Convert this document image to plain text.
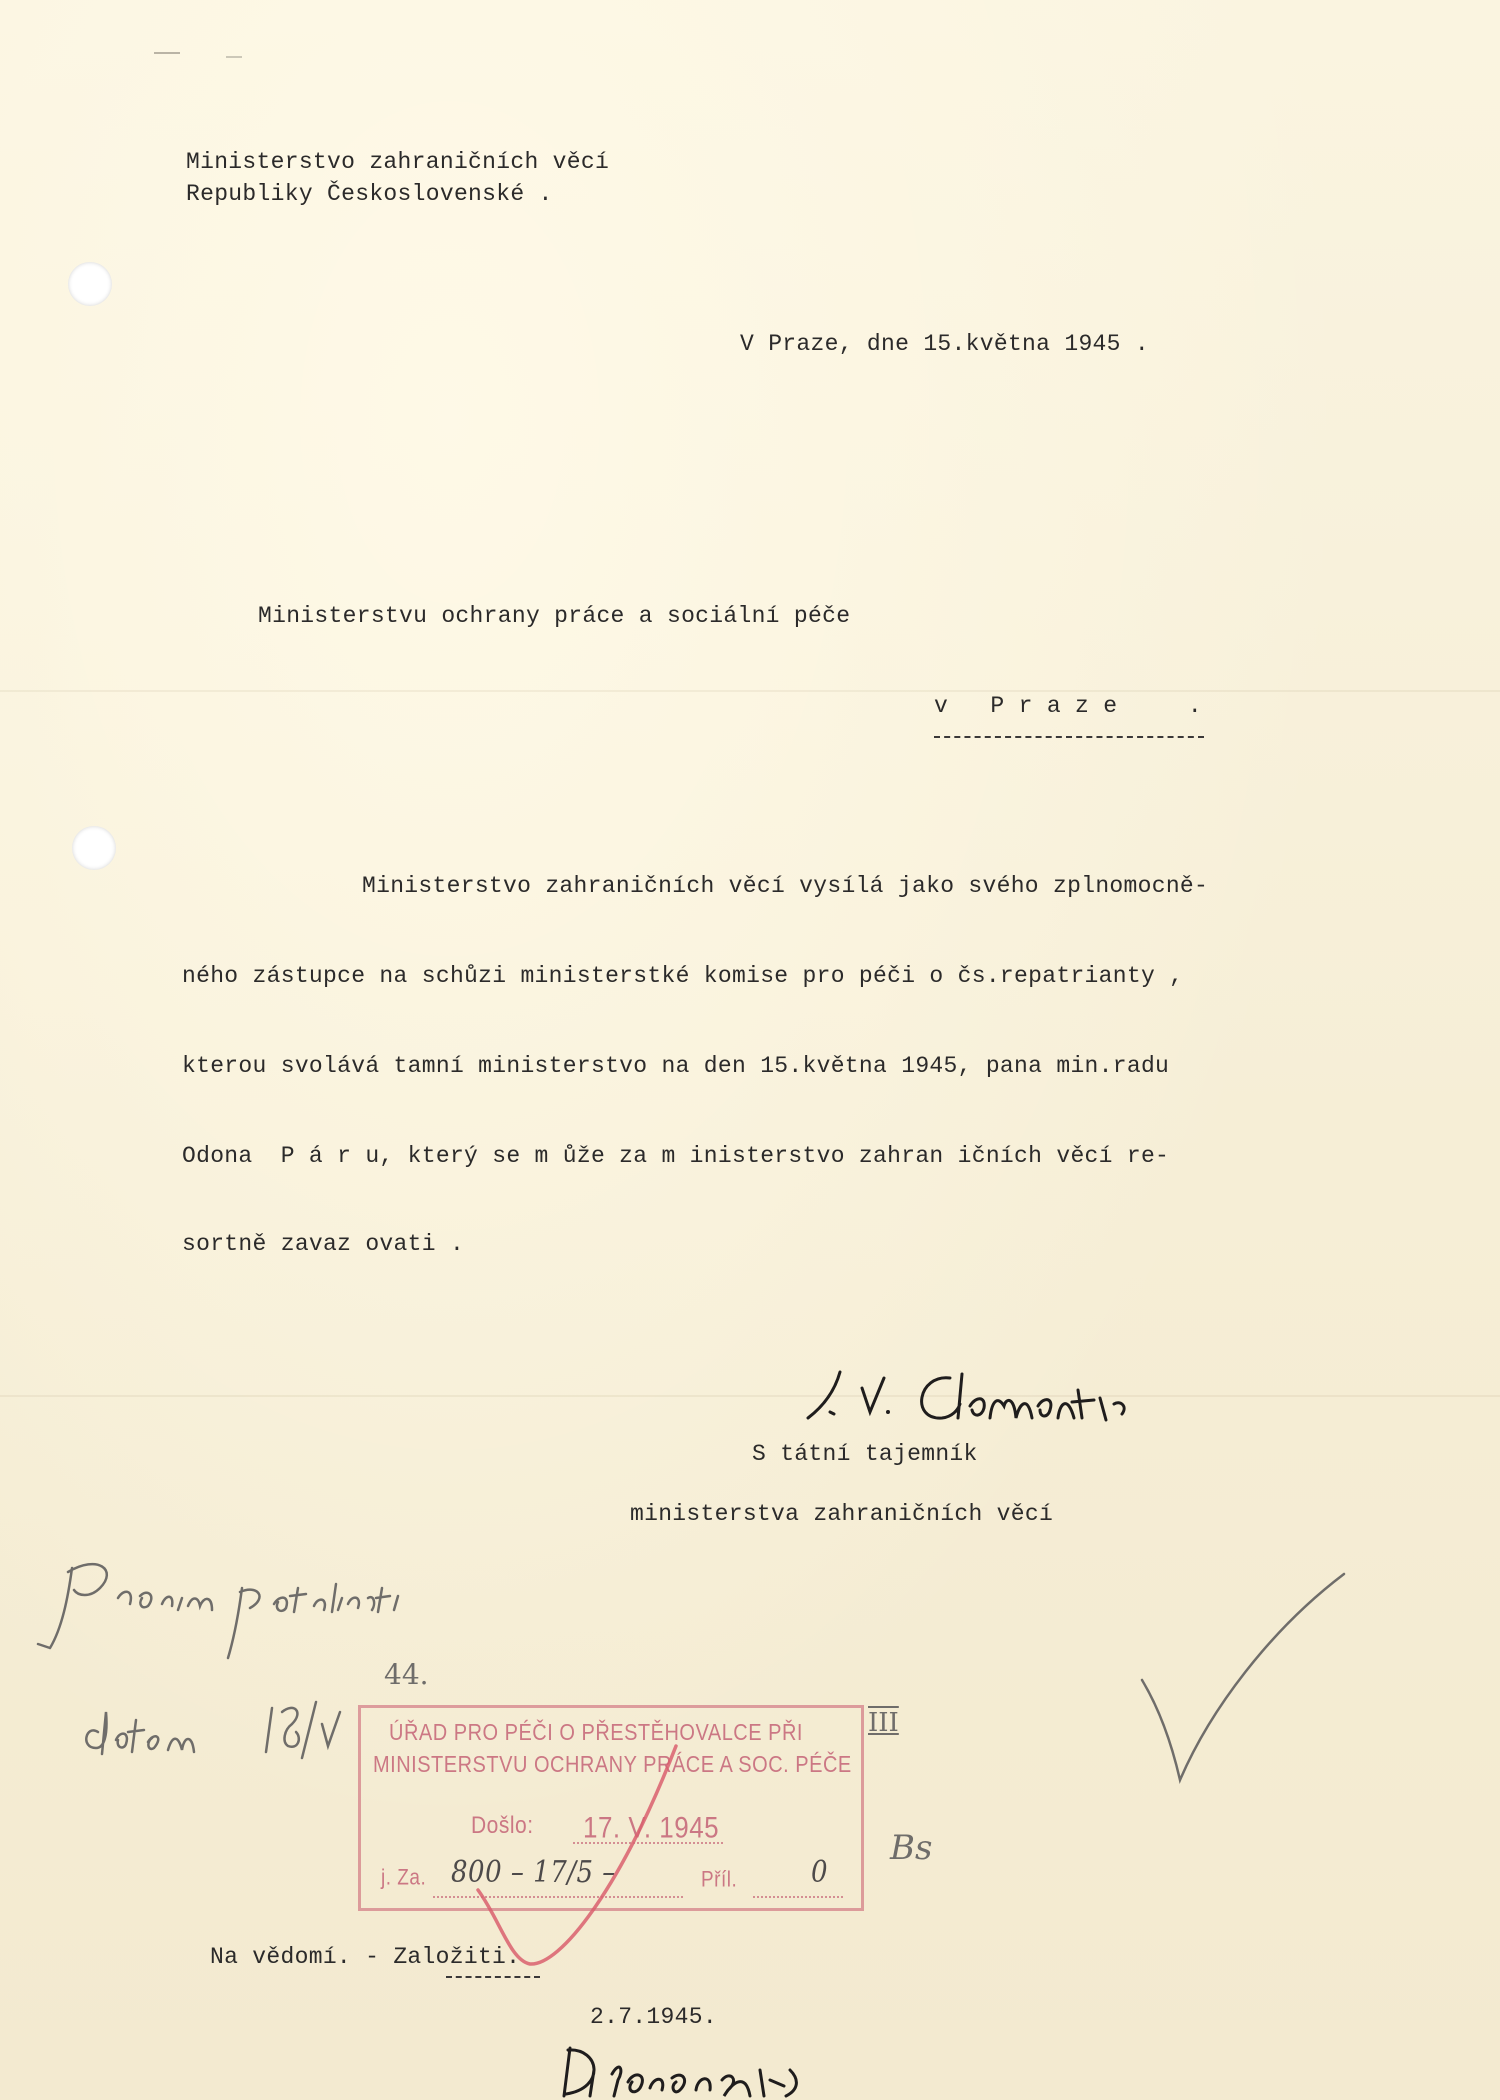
Ministerstvo zahraničních věcí
Republiky Československé .
V Praze, dne 15.května 1945 .
Ministerstvu ochrany práce a sociální péče
v   P r a z e     .
Ministerstvo zahraničních věcí vysílá jako svého zplnomocně-
ného zástupce na schůzi ministerstké komise pro péči o čs.repatrianty ,
kterou svolává tamní ministerstvo na den 15.května 1945, pana min.radu
Odona  P á r u, který se m ůže za m inisterstvo zahran ičních věcí re-
sortně zavaz ovati .
S tátní tajemník
ministerstva zahraničních věcí
44.
III
Bs
ÚŘAD PRO PÉČI O PŘESTĚHOVALCE PŘI
MINISTERSTVU OCHRANY PRÁCE A SOC. PÉČE
Došlo: 17. V. 1945
j. Za. 800 – 17/5 –	Příl.	0
Na vědomí. - Založiti.
2.7.1945.
